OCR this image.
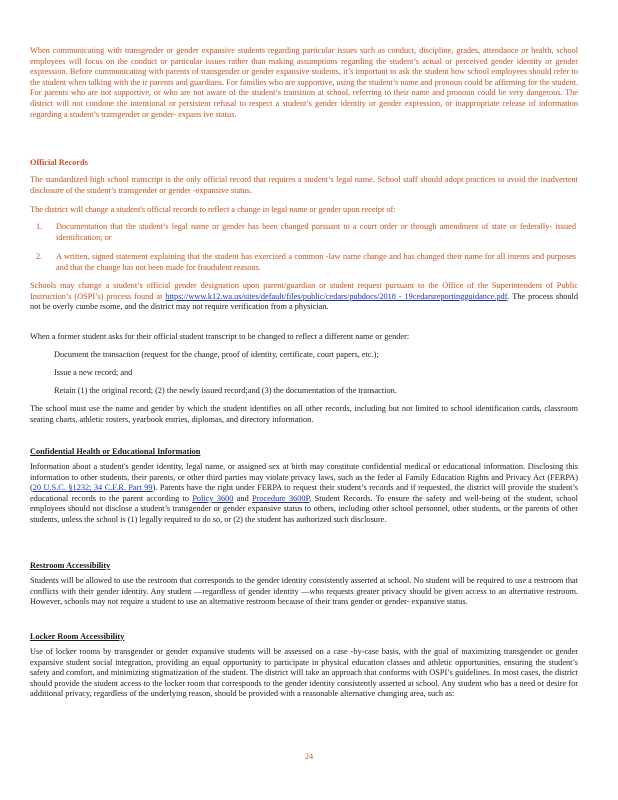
When communicating with transgender or gender expansive students regarding particular issues such as conduct, discipline, grades, attendance or health, school employees will focus on the conduct or particular issues rather than making assumptions regarding the student’s actual or perceived gender identity or gender expression. Before communicating with parents of transgender or gender expansive students, it’s important to ask the student how school employees should refer to the student when talking with the ir parents and guardians. For families who are supportive, using the student’s name and pronoun could be affirming for the student. For parents who are not supportive, or who are not aware of the student’s transition at school, referring to their name and pronoun could be very dangerous. The district will not condone the intentional or persistent refusal to respect a student’s gender identity or gender expression, or inappropriate release of information regarding a student’s transgender or gender- expans ive status.

Official Records

The standardized high school transcript is the only official record that requires a student’s legal name. School staff should adopt practices to avoid the inadvertent disclosure of the student’s transgender or gender -expansive status.

The district will change a student's official records to reflect a change in legal name or gender upon receipt of:

1.	Documentation that the student’s legal name or gender has been changed pursuant to a court order or through amendment of state or federally- issued identification; or

2.	A written, signed statement explaining that the student has exercised a common -law name change and has changed their name for all intents and purposes and that the change has not been made for fraudulent reasons.

Schools may change a student’s official gender designation upon parent/guardian or student request pursuant to the Office of the Superintendent of Public Instruction’s (OSPI’s) process found at https://www.k12.wa.us/sites/default/files/public/cedars/pubdocs/2018 - 19cedarsreportingguidance.pdf. The process should not be overly cumbe rsome, and the district may not require verification from a physician.

When a former student asks for their official student transcript to be changed to reflect a different name or gender:

Document the transaction (request for the change, proof of identity, certificate, court papers, etc.);

Issue a new record; and

Retain (1) the original record; (2) the newly issued record;and (3) the documentation of the transaction.

The school must use the name and gender by which the student identifies on all other records, including but not limited to school identification cards, classroom seating charts, athletic rosters, yearbook entries, diplomas, and directory information.

Confidential Health or Educational Information

Information about a student's gender identity, legal name, or assigned sex at birth may constitute confidential medical or educational information. Disclosing this information to other students, their parents, or other third parties may violate privacy laws, such as the feder al Family Education Rights and Privacy Act (FERPA) (20 U.S.C. §1232; 34 C.F.R. Part 99). Parents have the right under FERPA to request their student’s records and if requested, the district will provide the student’s educational records to the parent according to Policy 3600 and Procedure 3600P, Student Records. To ensure the safety and well-being of the student, school employees should not disclose a student’s transgender or gender expansive status to others, including other school personnel, other students, or the parents of other students, unless the school is (1) legally required to do so, or (2) the student has authorized such disclosure.

Restroom Accessibility

Students will be allowed to use the restroom that corresponds to the gender identity consistently asserted at school. No student will be required to use a restroom that conflicts with their gender identity. Any student —regardless of gender identity —who requests greater privacy should be given access to an alternative restroom. However, schools may not require a student to use an alternative restroom because of their trans gender or gender- expansive status.

Locker Room Accessibility

Use of locker rooms by transgender or gender expansive students will be assessed on a case -by-case basis, with the goal of maximizing transgender or gender expansive student social integration, providing an equal opportunity to participate in physical education classes and athletic opportunities, ensuring the student’s safety and comfort, and minimizing stigmatization of the student. The district will take an approach that conforms with OSPI’s guidelines. In most cases, the district should provide the student access to the locker room that corresponds to the gender identity consistently asserted at school. Any student who has a need or desire for additional privacy, regardless of the underlying reason, should be provided with a reasonable alternative changing area, such as:

24
